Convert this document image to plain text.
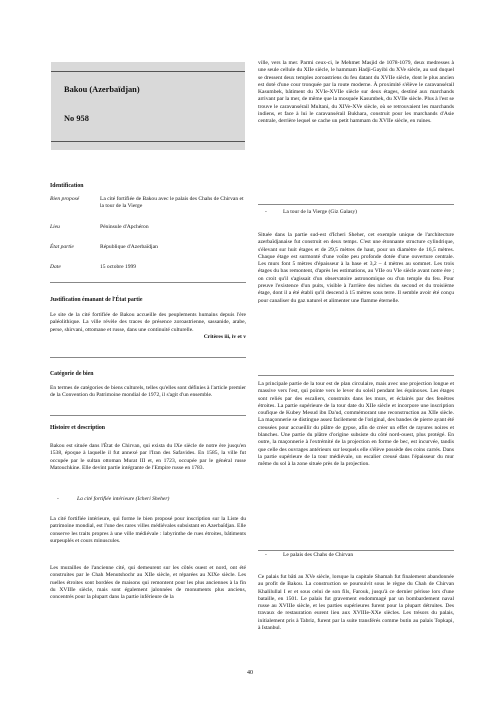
Bakou (Azerbaïdjan)
No 958
Identification
Bien proposé	La cité fortifiée de Bakou avec le palais des Chahs de Chirvan et la tour de la Vierge
Lieu	Péninsule d'Apchéron
État partie	République d'Azerbaïdjan
Date	15 octobre 1999
Justification émanant de l'État partie

Le site de la cité fortifiée de Bakou accueille des peuplements humains depuis l'ère paléolithique. La ville révèle des traces de présence zoroastrienne, sassanide, arabe, perse, shirvani, ottomane et russe, dans une continuité culturelle.

Critères iii, iv et v

Catégorie de bien

En termes de catégories de biens culturels, telles qu'elles sont définies à l'article premier de la Convention du Patrimoine mondial de 1972, il s'agit d'un ensemble.

Histoire et description

Bakou est située dans l'État de Chirvan, qui exista du IXe siècle de notre ère jusqu'en 1538, époque à laquelle il fut annexé par l'Iran des Safavides. En 1585, la ville fut occupée par le sultan ottoman Murat III et, en 1723, occupée par le général russe Matouchkine. Elle devint partie intégrante de l'Empire russe en 1783.

-	La cité fortifiée intérieure (Icheri Sheher)

La cité fortifiée intérieure, qui forme le bien proposé pour inscription sur la Liste du patrimoine mondial, est l'une des rares villes médiévales subsistant en Azerbaïdjan. Elle conserve les traits propres à une ville médiévale : labyrinthe de rues étroites, bâtiments surpeuplés et cours minuscules.

Les murailles de l'ancienne cité, qui demeurent sur les côtés ouest et nord, ont été construites par le Chah Menutshochr au XIIe siècle, et réparées au XIXe siècle. Les ruelles étroites sont bordées de maisons qui remontent pour les plus anciennes à la fin du XVIIIe siècle, mais sont également jalonnées de monuments plus anciens, concentrés pour la plupart dans la partie inférieure de la

ville, vers la mer. Parmi ceux-ci, le Mehmet Masjid de 1078-1079, deux medresses à une seule cellule du XIIe siècle, le hammam Hadji-Gayibi du XVe siècle, au sud duquel se dressent deux temples zoroastriens du feu datant du XVIIe siècle, dont le plus ancien est doté d'une cour tronquée par la route moderne. À proximité s'élève le caravansérail Kasumbek, bâtiment du XVIe-XVIIe siècle sur deux étages, destiné aux marchands arrivant par la mer, de même que la mosquée Kasumbek, du XVIIe siècle. Plus à l'est se trouve le caravansérail Multani, du XIVe-XVe siècle, où se retrouvaient les marchands indiens, et face à lui le caravansérail Bukhara, construit pour les marchands d'Asie centrale, derrière lequel se cache un petit hammam du XVIIe siècle, en ruines.

-	La tour de la Vierge (Giz Galasy)

Située dans la partie sud-est d'Icheri Sheher, cet exemple unique de l'architecture azerbaïdjanaise fut construit en deux temps. C'est une étonnante structure cylindrique, s'élevant sur huit étages et de 29,5 mètres de haut, pour un diamètre de 16,5 mètres. Chaque étage est surmonté d'une voûte peu profonde dotée d'une ouverture centrale. Les murs font 5 mètres d'épaisseur à la base et 3,2 – 4 mètres au sommet. Les trois étages du bas remontent, d'après les estimations, au VIIe ou VIe siècle avant notre ère ; on croit qu'il s'agissait d'un observatoire astronomique ou d'un temple du feu. Pour preuve l'existence d'un puits, visible à l'arrière des niches du second et du troisième étage, dont il a été établi qu'il descend à 15 mètres sous terre. Il semble avoir été conçu pour canaliser du gaz naturel et alimenter une flamme éternelle.

La principale partie de la tour est de plan circulaire, mais avec une projection longue et massive vers l'est, qui pointe vers le lever du soleil pendant les équinoxes. Les étages sont reliés par des escaliers, construits dans les murs, et éclairés par des fenêtres étroites. La partie supérieure de la tour date du XIIe siècle et incorpore une inscription coufique de Kubey Mesud ibn Da'ud, commémorant une reconstruction au XIIe siècle. La maçonnerie se distingue assez facilement de l'original, des bandes de pierre ayant été creusées pour accueillir du plâtre de gypse, afin de créer un effet de rayures noires et blanches. Une partie du plâtre d'origine subsiste du côté nord-ouest, plus protégé. En outre, la maçonnerie à l'extrémité de la projection en forme de bec, est incurvée, tandis que celle des ouvrages antérieurs sur lesquels elle s'élève possède des coins carrés. Dans la partie supérieure de la tour médiévale, un escalier creusé dans l'épaisseur du mur même du sol à la zone située près de la projection.

-	Le palais des Chahs de Chirvan

Ce palais fut bâti au XVe siècle, lorsque la capitale Shamah fut finalement abandonnée au profit de Bakou. La construction se poursuivit sous le règne du Chah de Chirvan Khalilullal I er et sous celui de son fils, Farouk, jusqu'à ce dernier périsse lors d'une bataille, en 1501. Le palais fut gravement endommagé par un bombardement naval russe au XVIIIe siècle, et les parties supérieures furent pour la plupart détruites. Des travaux de restauration eurent lieu aux XVIIIe-XXe siècles. Les trésors du palais, initialement pris à Tabriz, furent par la suite transférés comme butin au palais Topkapi, à Istanbul.

40
